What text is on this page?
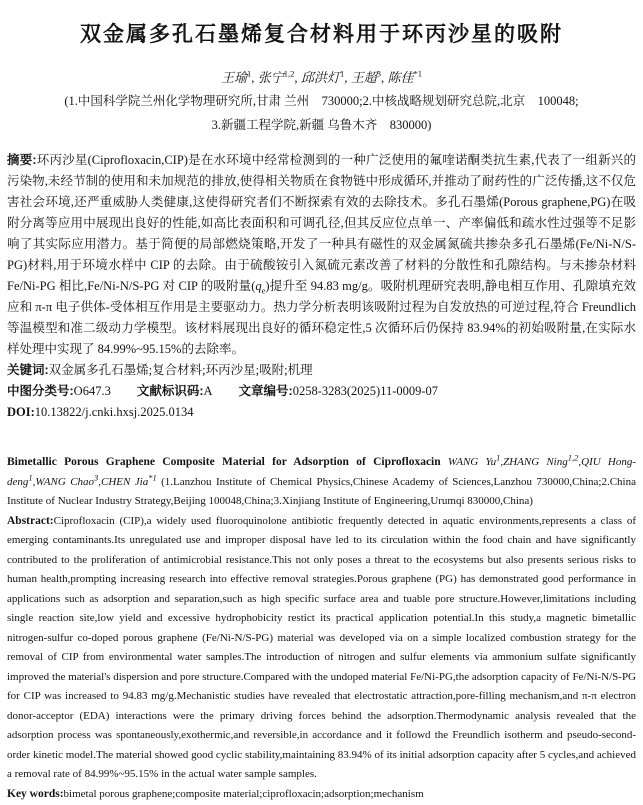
双金属多孔石墨烯复合材料用于环丙沙星的吸附
王瑜$^1$, 张宁$^{1,2}$, 邱洪灯$^1$, 王超$^3$, 陈佳$^{*1}$
(1.中国科学院兰州化学物理研究所,甘肃 兰州　730000;2.中核战略规划研究总院,北京　100048;
3.新疆工程学院,新疆 乌鲁木齐　830000)

摘要:环丙沙星(Ciprofloxacin,CIP)是在水环境中经常检测到的一种广泛使用的氟喹诺酮类抗生素,代表了一组新兴的污染物,未经节制的使用和未加规范的排放,使得相关物质在食物链中形成循环,并推动了耐药性的广泛传播,这不仅危害社会环境,还严重威胁人类健康,这使得研究者们不断探索有效的去除技术。多孔石墨烯(Porous graphene,PG)在吸附分离等应用中展现出良好的性能,如高比表面积和可调孔径,但其反应位点单一、产率偏低和疏水性过强等不足影响了其实际应用潜力。基于简便的局部燃烧策略,开发了一种具有磁性的双金属氮硫共掺杂多孔石墨烯(Fe/Ni-N/S-PG)材料,用于环境水样中 CIP 的去除。由于硫酸铵引入氮硫元素改善了材料的分散性和孔隙结构。与未掺杂材料 Fe/Ni-PG 相比,Fe/Ni-N/S-PG 对 CIP 的吸附量$(q_e)$提升至 94.83 mg/g。吸附机理研究表明,静电相互作用、孔隙填充效应和 π-π 电子供体-受体相互作用是主要驱动力。热力学分析表明该吸附过程为自发放热的可逆过程,符合 Freundlich 等温模型和准二级动力学模型。该材料展现出良好的循环稳定性,5 次循环后仍保持 83.94%的初始吸附量,在实际水样处理中实现了 84.99%~95.15%的去除率。

关键词:双金属多孔石墨烯;复合材料;环丙沙星;吸附;机理

中图分类号:O647.3 文献标识码:A 文章编号:0258-3283(2025)11-0009-07

DOI:10.13822/j.cnki.hxsj.2025.0134

Bimetallic Porous Graphene Composite Material for Adsorption of Ciprofloxacin WANG Yu$^1$,ZHANG Ning$^{1,2}$,QIU Hong-deng$^1$,WANG Chao$^3$,CHEN Jia$^{*1}$ (1.Lanzhou Institute of Chemical Physics,Chinese Academy of Sciences,Lanzhou 730000,China;2.China Institute of Nuclear Industry Strategy,Beijing 100048,China;3.Xinjiang Institute of Engineering,Urumqi 830000,China)

Abstract:Ciprofloxacin (CIP),a widely used fluoroquinolone antibiotic frequently detected in aquatic environments,represents a class of emerging contaminants.Its unregulated use and improper disposal have led to its circulation within the food chain and have significantly contributed to the proliferation of antimicrobial resistance.This not only poses a threat to the ecosystems but also presents serious risks to human health,prompting increasing research into effective removal strategies.Porous graphene (PG) has demonstrated good performance in applications such as adsorption and separation,such as high specific surface area and tuable pore structure.However,limitations including single reaction site,low yield and excessive hydrophobicity restict its practical application potential.In this study,a magnetic bimetallic nitrogen-sulfur co-doped porous graphene (Fe/Ni-N/S-PG) material was developed via on a simple localized combustion strategy for the removal of CIP from environmental water samples.The introduction of nitrogen and sulfur elements via ammonium sulfate significantly improved the material's dispersion and pore structure.Compared with the undoped material Fe/Ni-PG,the adsorption capacity of Fe/Ni-N/S-PG for CIP was increased to 94.83 mg/g.Mechanistic studies have revealed that electrostatic attraction,pore-filling mechanism,and π-π electron donor-acceptor (EDA) interactions were the primary driving forces behind the adsorption.Thermodynamic analysis revealed that the adsorption process was spontaneously,exothermic,and reversible,in accordance and it followd the Freundlich isotherm and pseudo-second-order kinetic model.The material showed good cyclic stability,maintaining 83.94% of its initial adsorption capacity after 5 cycles,and achieved a removal rate of 84.99%~95.15% in the actual water sample samples.

Key words:bimetal porous graphene;composite material;ciprofloxacin;adsorption;mechanism
